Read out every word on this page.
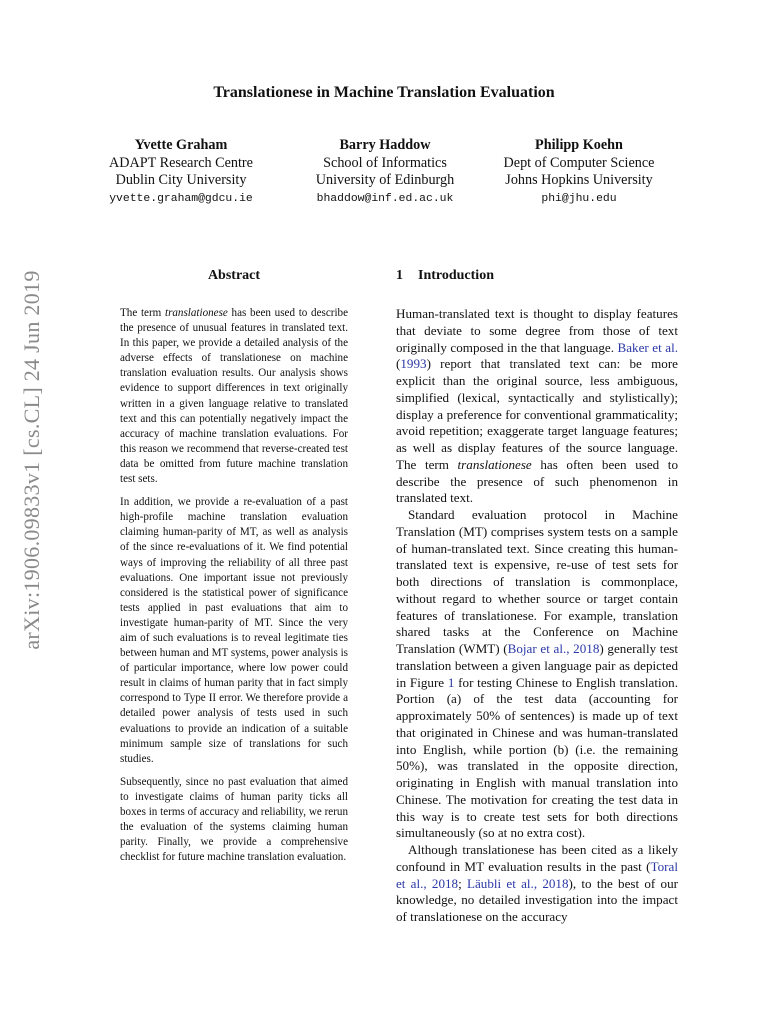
arXiv:1906.09833v1 [cs.CL] 24 Jun 2019
Translationese in Machine Translation Evaluation
Yvette Graham
ADAPT Research Centre
Dublin City University
yvette.graham@gdcu.ie
Barry Haddow
School of Informatics
University of Edinburgh
bhaddow@inf.ed.ac.uk
Philipp Koehn
Dept of Computer Science
Johns Hopkins University
phi@jhu.edu
Abstract

The term translationese has been used to describe the presence of unusual features in translated text. In this paper, we provide a detailed analysis of the adverse effects of translationese on machine translation evaluation results. Our analysis shows evidence to support differences in text originally written in a given language relative to translated text and this can potentially negatively impact the accuracy of machine translation evaluations. For this reason we recommend that reverse-created test data be omitted from future machine translation test sets.

In addition, we provide a re-evaluation of a past high-profile machine translation evaluation claiming human-parity of MT, as well as analysis of the since re-evaluations of it. We find potential ways of improving the reliability of all three past evaluations. One important issue not previously considered is the statistical power of significance tests applied in past evaluations that aim to investigate human-parity of MT. Since the very aim of such evaluations is to reveal legitimate ties between human and MT systems, power analysis is of particular importance, where low power could result in claims of human parity that in fact simply correspond to Type II error. We therefore provide a detailed power analysis of tests used in such evaluations to provide an indication of a suitable minimum sample size of translations for such studies.

Subsequently, since no past evaluation that aimed to investigate claims of human parity ticks all boxes in terms of accuracy and reliability, we rerun the evaluation of the systems claiming human parity. Finally, we provide a comprehensive checklist for future machine translation evaluation.

1 Introduction

Human-translated text is thought to display features that deviate to some degree from those of text originally composed in the that language. Baker et al. (1993) report that translated text can: be more explicit than the original source, less ambiguous, simplified (lexical, syntactically and stylistically); display a preference for conventional grammaticality; avoid repetition; exaggerate target language features; as well as display features of the source language. The term translationese has often been used to describe the presence of such phenomenon in translated text.

Standard evaluation protocol in Machine Translation (MT) comprises system tests on a sample of human-translated text. Since creating this human-translated text is expensive, re-use of test sets for both directions of translation is commonplace, without regard to whether source or target contain features of translationese. For example, translation shared tasks at the Conference on Machine Translation (WMT) (Bojar et al., 2018) generally test translation between a given language pair as depicted in Figure 1 for testing Chinese to English translation. Portion (a) of the test data (accounting for approximately 50% of sentences) is made up of text that originated in Chinese and was human-translated into English, while portion (b) (i.e. the remaining 50%), was translated in the opposite direction, originating in English with manual translation into Chinese. The motivation for creating the test data in this way is to create test sets for both directions simultaneously (so at no extra cost).

Although translationese has been cited as a likely confound in MT evaluation results in the past (Toral et al., 2018; Läubli et al., 2018), to the best of our knowledge, no detailed investigation into the impact of translationese on the accuracy
